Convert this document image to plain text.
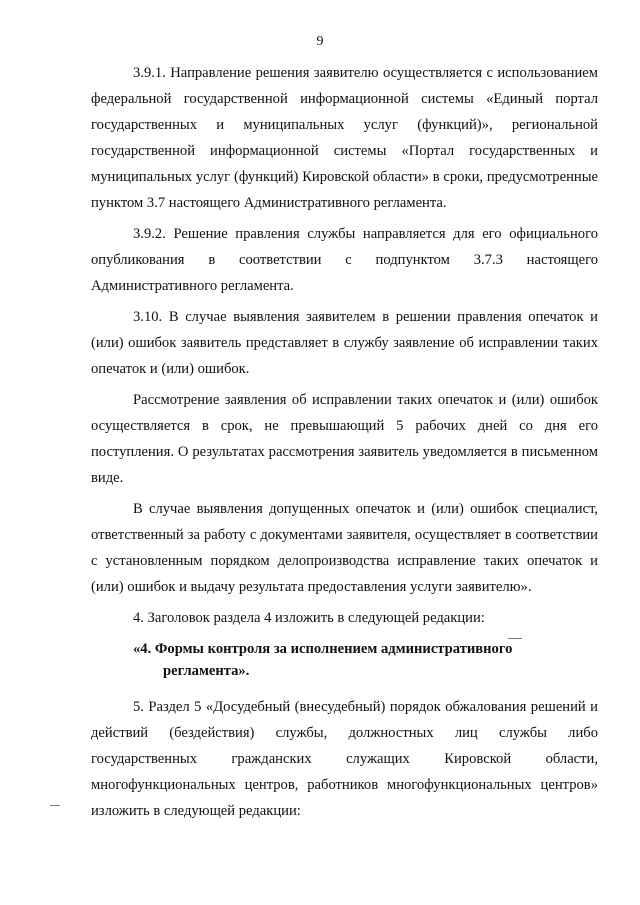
9

3.9.1. Направление решения заявителю осуществляется с использованием федеральной государственной информационной системы «Единый портал государственных и муниципальных услуг (функций)», региональной государственной информационной системы «Портал государственных и муниципальных услуг (функций) Кировской области» в сроки, предусмотренные пунктом 3.7 настоящего Административного регламента.

3.9.2. Решение правления службы направляется для его официального опубликования в соответствии с подпунктом 3.7.3 настоящего Административного регламента.

3.10. В случае выявления заявителем в решении правления опечаток и (или) ошибок заявитель представляет в службу заявление об исправлении таких опечаток и (или) ошибок.

Рассмотрение заявления об исправлении таких опечаток и (или) ошибок осуществляется в срок, не превышающий 5 рабочих дней со дня его поступления. О результатах рассмотрения заявитель уведомляется в письменном виде.

В случае выявления допущенных опечаток и (или) ошибок специалист, ответственный за работу с документами заявителя, осуществляет в соответствии с установленным порядком делопроизводства исправление таких опечаток и (или) ошибок и выдачу результата предоставления услуги заявителю».

4. Заголовок раздела 4 изложить в следующей редакции:

«4. Формы контроля за исполнением административного
регламента».

5. Раздел 5 «Досудебный (внесудебный) порядок обжалования решений и действий (бездействия) службы, должностных лиц службы либо государственных гражданских служащих Кировской области, многофункциональных центров, работников многофункциональных центров» изложить в следующей редакции:
